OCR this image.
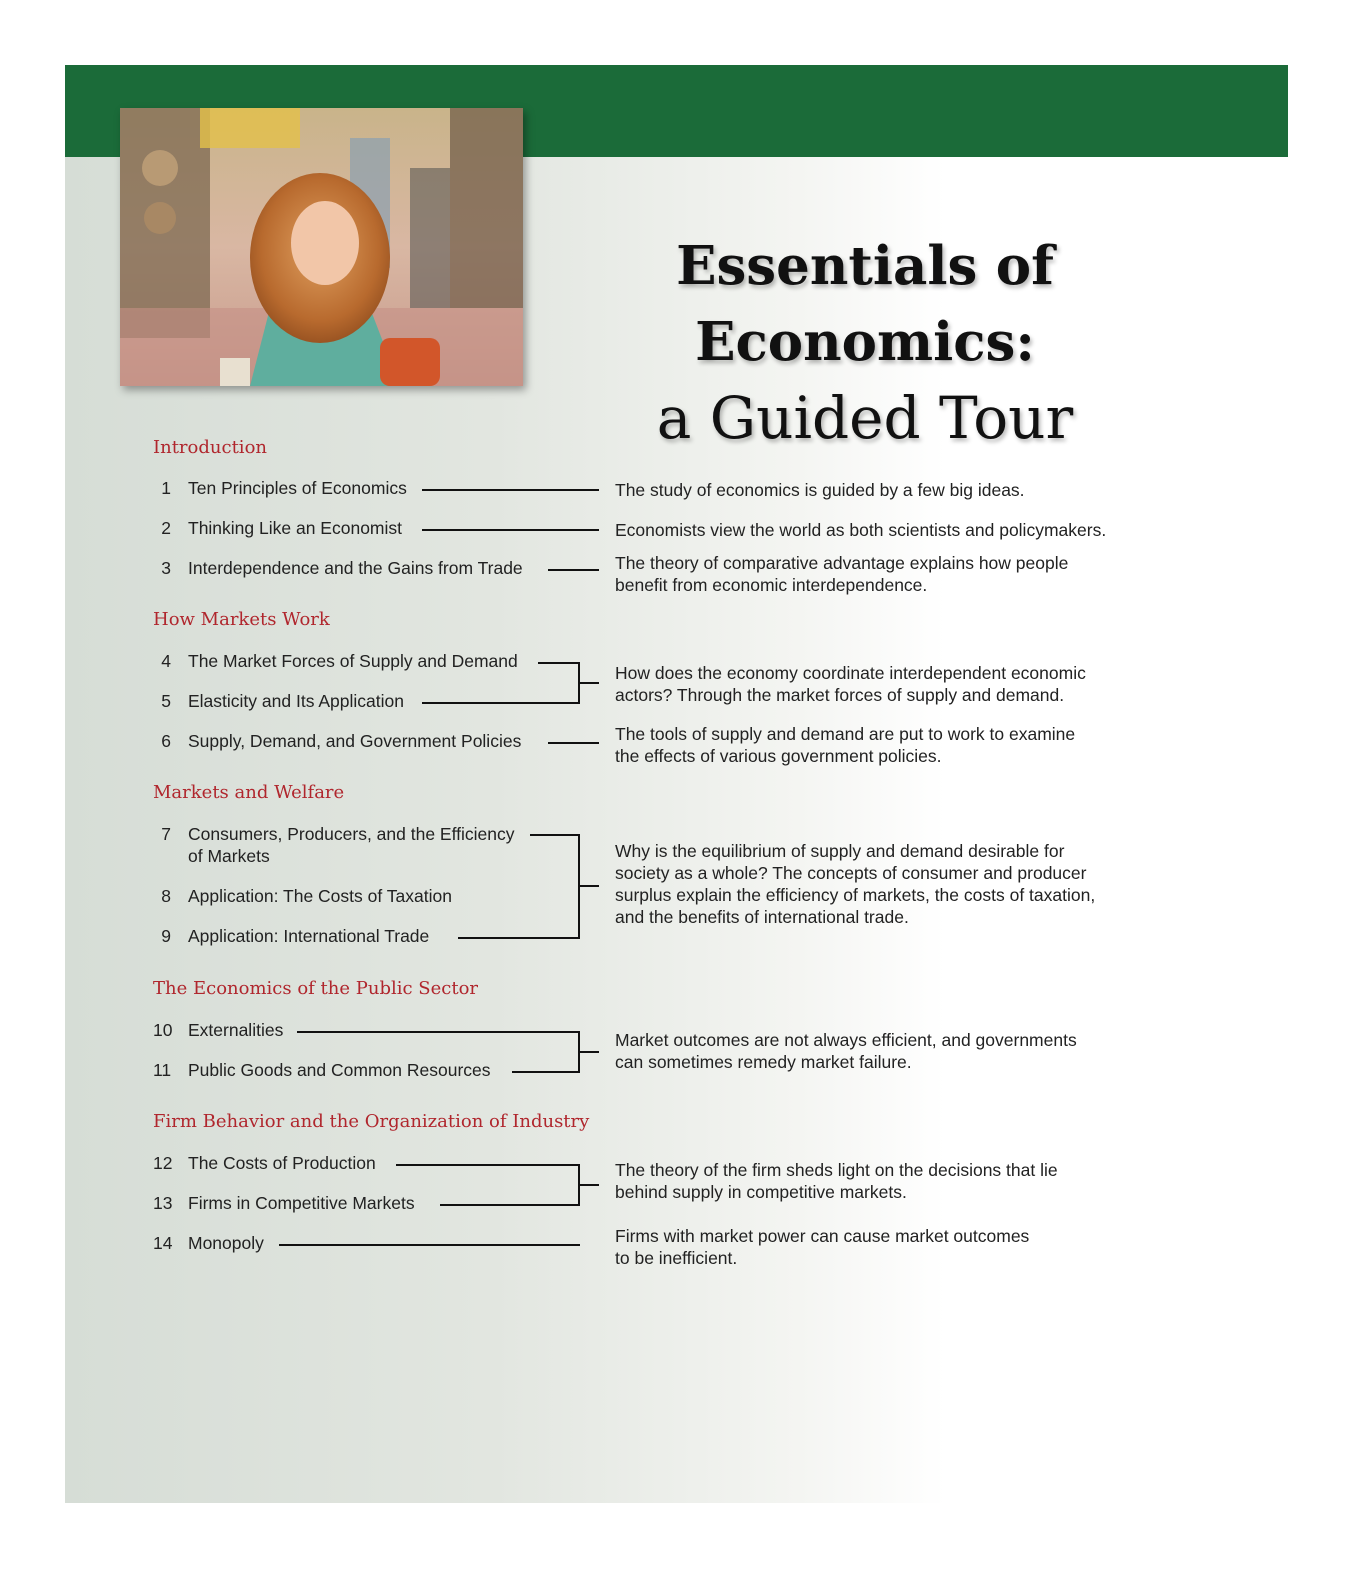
Essentials of Economics:
a Guided Tour
Introduction
How Markets Work
Markets and Welfare
The Economics of the Public Sector
Firm Behavior and the Organization of Industry
1 Ten Principles of Economics
2 Thinking Like an Economist
3 Interdependence and the Gains from Trade
4 The Market Forces of Supply and Demand
5 Elasticity and Its Application
6 Supply, Demand, and Government Policies
7 Consumers, Producers, and the Efficiency
of Markets
8 Application: The Costs of Taxation
9 Application: International Trade
10 Externalities
11 Public Goods and Common Resources
12 The Costs of Production
13 Firms in Competitive Markets
14 Monopoly
The study of economics is guided by a few big ideas.
Economists view the world as both scientists and policymakers.
The theory of comparative advantage explains how people
benefit from economic interdependence.
How does the economy coordinate interdependent economic
actors? Through the market forces of supply and demand.
The tools of supply and demand are put to work to examine
the effects of various government policies.
Why is the equilibrium of supply and demand desirable for
society as a whole? The concepts of consumer and producer
surplus explain the efficiency of markets, the costs of taxation,
and the benefits of international trade.
Market outcomes are not always efficient, and governments
can sometimes remedy market failure.
The theory of the firm sheds light on the decisions that lie
behind supply in competitive markets.
Firms with market power can cause market outcomes
to be inefficient.
